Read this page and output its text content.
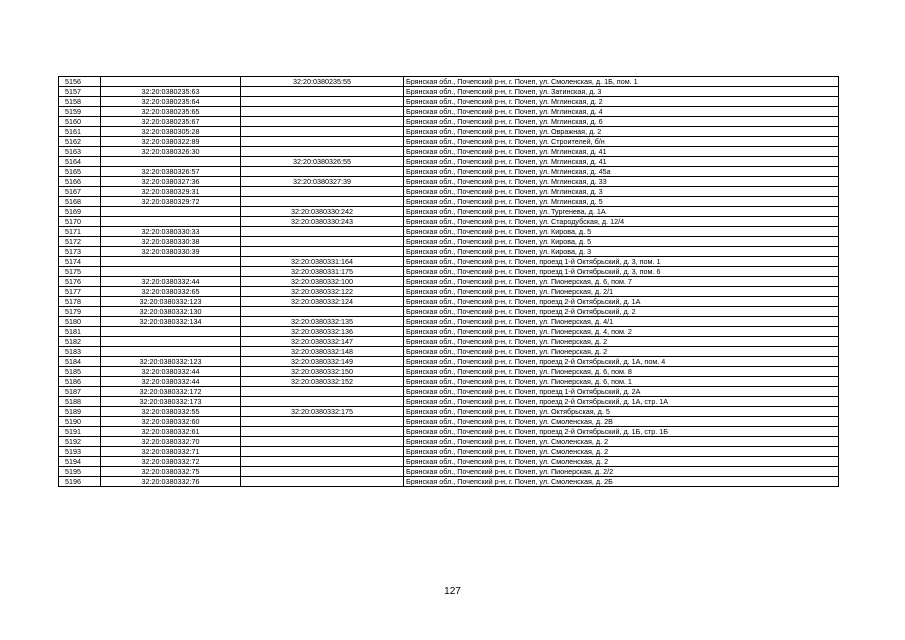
5156		32:20:0380235:55	Брянская обл., Почепский р-н, г. Почеп, ул. Смоленская, д. 1Б, пом. 1
5157	32:20:0380235:63		Брянская обл., Почепский р-н, г. Почеп, ул. Затинская, д. 3
5158	32:20:0380235:64		Брянская обл., Почепский р-н, г. Почеп, ул. Мглинская, д. 2
5159	32:20:0380235:65		Брянская обл., Почепский р-н, г. Почеп, ул. Мглинская, д. 4
5160	32:20:0380235:67		Брянская обл., Почепский р-н, г. Почеп, ул. Мглинская, д. 6
5161	32:20:0380305:28		Брянская обл., Почепский р-н, г. Почеп, ул. Овражная, д. 2
5162	32:20:0380322:89		Брянская обл., Почепский р-н, г. Почеп, ул. Строителей, б/н
5163	32:20:0380326:30		Брянская обл., Почепский р-н, г. Почеп, ул. Мглинская, д. 41
5164		32:20:0380326:55	Брянская обл., Почепский р-н, г. Почеп, ул. Мглинская, д. 41
5165	32:20:0380326:57		Брянская обл., Почепский р-н, г. Почеп, ул. Мглинская, д. 45а
5166	32:20:0380327:36	32:20:0380327:39	Брянская обл., Почепский р-н, г. Почеп, ул. Мглинская, д. 33
5167	32:20:0380329:31		Брянская обл., Почепский р-н, г. Почеп, ул. Мглинская, д. 3
5168	32:20:0380329:72		Брянская обл., Почепский р-н, г. Почеп, ул. Мглинская, д. 5
5169		32:20:0380330:242	Брянская обл., Почепский р-н, г. Почеп, ул. Тургенева, д. 1А
5170		32:20:0380330:243	Брянская обл., Почепский р-н, г. Почеп, ул. Стародубская, д. 12/4
5171	32:20:0380330:33		Брянская обл., Почепский р-н, г. Почеп, ул. Кирова, д. 5
5172	32:20:0380330:38		Брянская обл., Почепский р-н, г. Почеп, ул. Кирова, д. 5
5173	32:20:0380330:39		Брянская обл., Почепский р-н, г. Почеп, ул. Кирова, д. 3
5174		32:20:0380331:164	Брянская обл., Почепский р-н, г. Почеп, проезд 1-й Октябрьский, д. 3, пом. 1
5175		32:20:0380331:175	Брянская обл., Почепский р-н, г. Почеп, проезд 1-й Октябрьский, д. 3, пом. 6
5176	32:20:0380332:44	32:20:0380332:100	Брянская обл., Почепский р-н, г. Почеп, ул. Пионерская, д. 6, пом. 7
5177	32:20:0380332:65	32:20:0380332:122	Брянская обл., Почепский р-н, г. Почеп, ул. Пионерская, д. 2/1
5178	32:20:0380332:123	32:20:0380332:124	Брянская обл., Почепский р-н, г. Почеп, проезд 2-й Октябрьский, д. 1А
5179	32:20:0380332:130		Брянская обл., Почепский р-н, г. Почеп, проезд 2-й Октябрьский, д. 2
5180	32:20:0380332:134	32:20:0380332:135	Брянская обл., Почепский р-н, г. Почеп, ул. Пионерская, д. 4/1
5181		32:20:0380332:136	Брянская обл., Почепский р-н, г. Почеп, ул. Пионерская, д. 4, пом. 2
5182		32:20:0380332:147	Брянская обл., Почепский р-н, г. Почеп, ул. Пионерская, д. 2
5183		32:20:0380332:148	Брянская обл., Почепский р-н, г. Почеп, ул. Пионерская, д. 2
5184	32:20:0380332:123	32:20:0380332:149	Брянская обл., Почепский р-н, г. Почеп, проезд 2-й Октябрьский, д. 1А, пом. 4
5185	32:20:0380332:44	32:20:0380332:150	Брянская обл., Почепский р-н, г. Почеп, ул. Пионерская, д. 6, пом. 8
5186	32:20:0380332:44	32:20:0380332:152	Брянская обл., Почепский р-н, г. Почеп, ул. Пионерская, д. 6, пом. 1
5187	32:20:0380332:172		Брянская обл., Почепский р-н, г. Почеп, проезд 1-й Октябрьский, д. 2А
5188	32:20:0380332:173		Брянская обл., Почепский р-н, г. Почеп, проезд 2-й Октябрьский, д. 1А, стр. 1А
5189	32:20:0380332:55	32:20:0380332:175	Брянская обл., Почепский р-н, г. Почеп, ул. Октябрьская, д. 5
5190	32:20:0380332:60		Брянская обл., Почепский р-н, г. Почеп, ул. Смоленская, д. 2В
5191	32:20:0380332:61		Брянская обл., Почепский р-н, г. Почеп, проезд 2-й Октябрьский, д. 1Б, стр. 1Б
5192	32:20:0380332:70		Брянская обл., Почепский р-н, г. Почеп, ул. Смоленская, д. 2
5193	32:20:0380332:71		Брянская обл., Почепский р-н, г. Почеп, ул. Смоленская, д. 2
5194	32:20:0380332:72		Брянская обл., Почепский р-н, г. Почеп, ул. Смоленская, д. 2
5195	32:20:0380332:75		Брянская обл., Почепский р-н, г. Почеп, ул. Пионерская, д. 2/2
5196	32:20:0380332:76		Брянская обл., Почепский р-н, г. Почеп, ул. Смоленская, д. 2Б
127
